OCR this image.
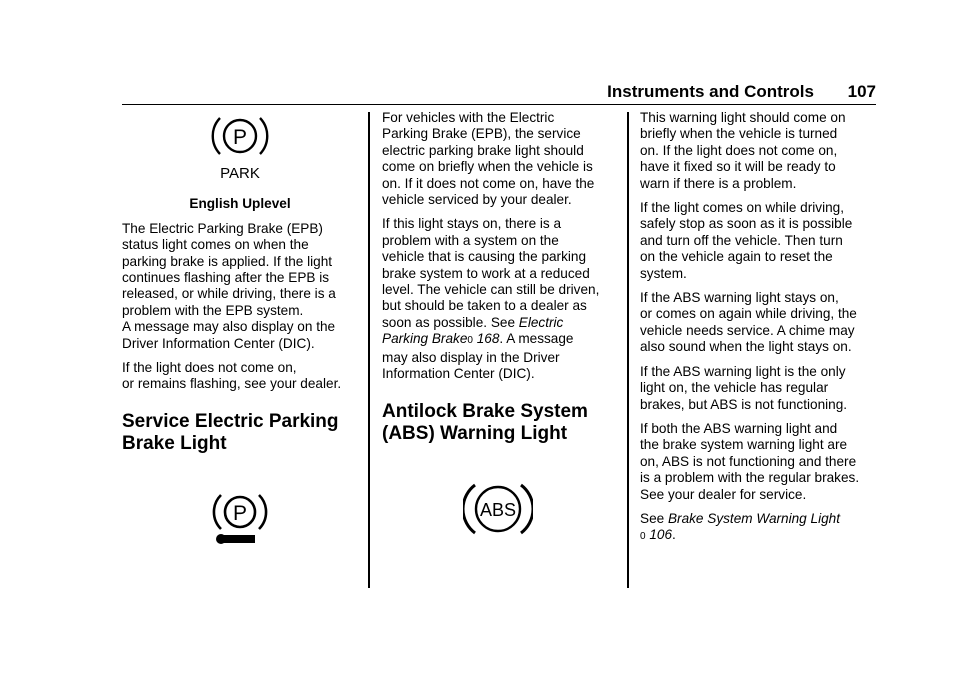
Instruments and Controls 107
P
PARK
English Uplevel

The Electric Parking Brake (EPB)
status light comes on when the
parking brake is applied. If the light
continues flashing after the EPB is
released, or while driving, there is a
problem with the EPB system.
A message may also display on the
Driver Information Center (DIC).

If the light does not come on,
or remains flashing, see your dealer.

Service Electric Parking
Brake Light
P

For vehicles with the Electric
Parking Brake (EPB), the service
electric parking brake light should
come on briefly when the vehicle is
on. If it does not come on, have the
vehicle serviced by your dealer.

If this light stays on, there is a
problem with a system on the
vehicle that is causing the parking
brake system to work at a reduced
level. The vehicle can still be driven,
but should be taken to a dealer as
soon as possible. See Electric
Parking Brake0 168. A message
may also display in the Driver
Information Center (DIC).

Antilock Brake System
(ABS) Warning Light
ABS

This warning light should come on
briefly when the vehicle is turned
on. If the light does not come on,
have it fixed so it will be ready to
warn if there is a problem.

If the light comes on while driving,
safely stop as soon as it is possible
and turn off the vehicle. Then turn
on the vehicle again to reset the
system.

If the ABS warning light stays on,
or comes on again while driving, the
vehicle needs service. A chime may
also sound when the light stays on.

If the ABS warning light is the only
light on, the vehicle has regular
brakes, but ABS is not functioning.

If both the ABS warning light and
the brake system warning light are
on, ABS is not functioning and there
is a problem with the regular brakes.
See your dealer for service.

See Brake System Warning Light
0 106.
